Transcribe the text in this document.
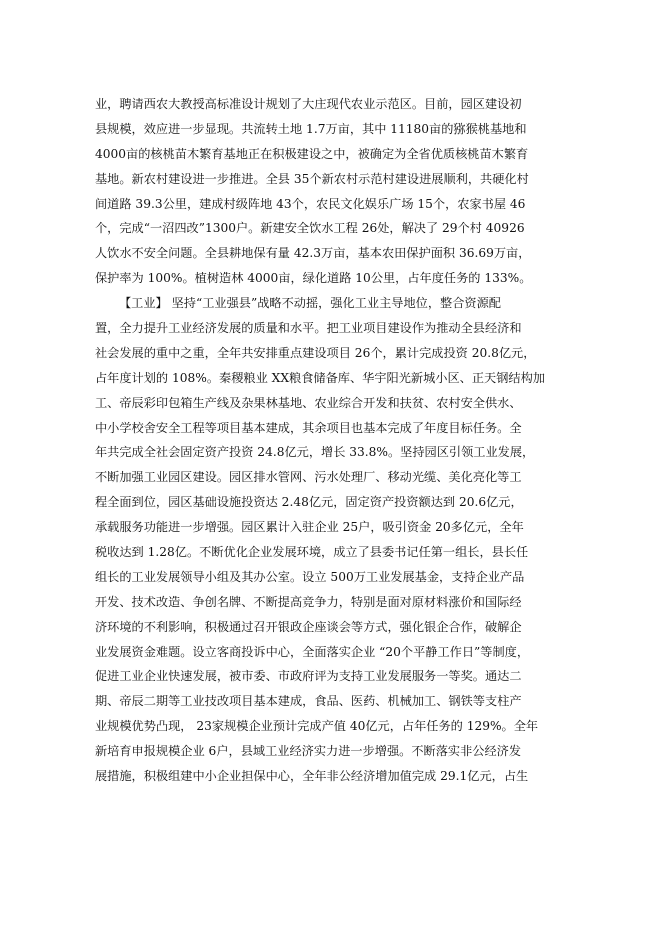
业，聘请西农大教授高标准设计规划了大庄现代农业示范区。目前，园区建设初
县规模，效应进一步显现。共流转土地 1.7万亩，其中 11180亩的猕猴桃基地和
4000亩的核桃苗木繁育基地正在积极建设之中，被确定为全省优质核桃苗木繁育
基地。新农村建设进一步推进。全县 35个新农村示范村建设进展顺利，共硬化村
间道路 39.3公里，建成村级阵地 43个，农民文化娱乐广场 15个，农家书屋 46
个，完成“一沼四改”1300户。新建安全饮水工程 26处，解决了 29个村 40926
人饮水不安全问题。全县耕地保有量 42.3万亩，基本农田保护面积 36.69万亩，
保护率为 100%。植树造林 4000亩，绿化道路 10公里，占年度任务的 133%。
【工业】 坚持“工业强县”战略不动摇，强化工业主导地位，整合资源配
置，全力提升工业经济发展的质量和水平。把工业项目建设作为推动全县经济和
社会发展的重中之重，全年共安排重点建设项目 26个，累计完成投资 20.8亿元，
占年度计划的 108%。秦稷粮业 XX粮食储备库、华宇阳光新城小区、正天钢结构加
工、帝辰彩印包箱生产线及杂果林基地、农业综合开发和扶贫、农村安全供水、
中小学校舍安全工程等项目基本建成，其余项目也基本完成了年度目标任务。全
年共完成全社会固定资产投资 24.8亿元，增长 33.8%。坚持园区引领工业发展，
不断加强工业园区建设。园区排水管网、污水处理厂、移动光缆、美化亮化等工
程全面到位，园区基础设施投资达 2.48亿元，固定资产投资额达到 20.6亿元，
承载服务功能进一步增强。园区累计入驻企业 25户，吸引资金 20多亿元，全年
税收达到 1.28亿。不断优化企业发展环境，成立了县委书记任第一组长，县长任
组长的工业发展领导小组及其办公室。设立 500万工业发展基金，支持企业产品
开发、技术改造、争创名牌、不断提高竞争力，特别是面对原材料涨价和国际经
济环境的不利影响，积极通过召开银政企座谈会等方式，强化银企合作，破解企
业发展资金难题。设立客商投诉中心，全面落实企业 “20个平静工作日”等制度，
促进工业企业快速发展，被市委、市政府评为支持工业发展服务一等奖。通达二
期、帝辰二期等工业技改项目基本建成，食品、医药、机械加工、钢铁等支柱产
业规模优势凸现， 23家规模企业预计完成产值 40亿元，占年任务的 129%。全年
新培育申报规模企业 6户，县域工业经济实力进一步增强。不断落实非公经济发
展措施，积极组建中小企业担保中心，全年非公经济增加值完成 29.1亿元，占生
